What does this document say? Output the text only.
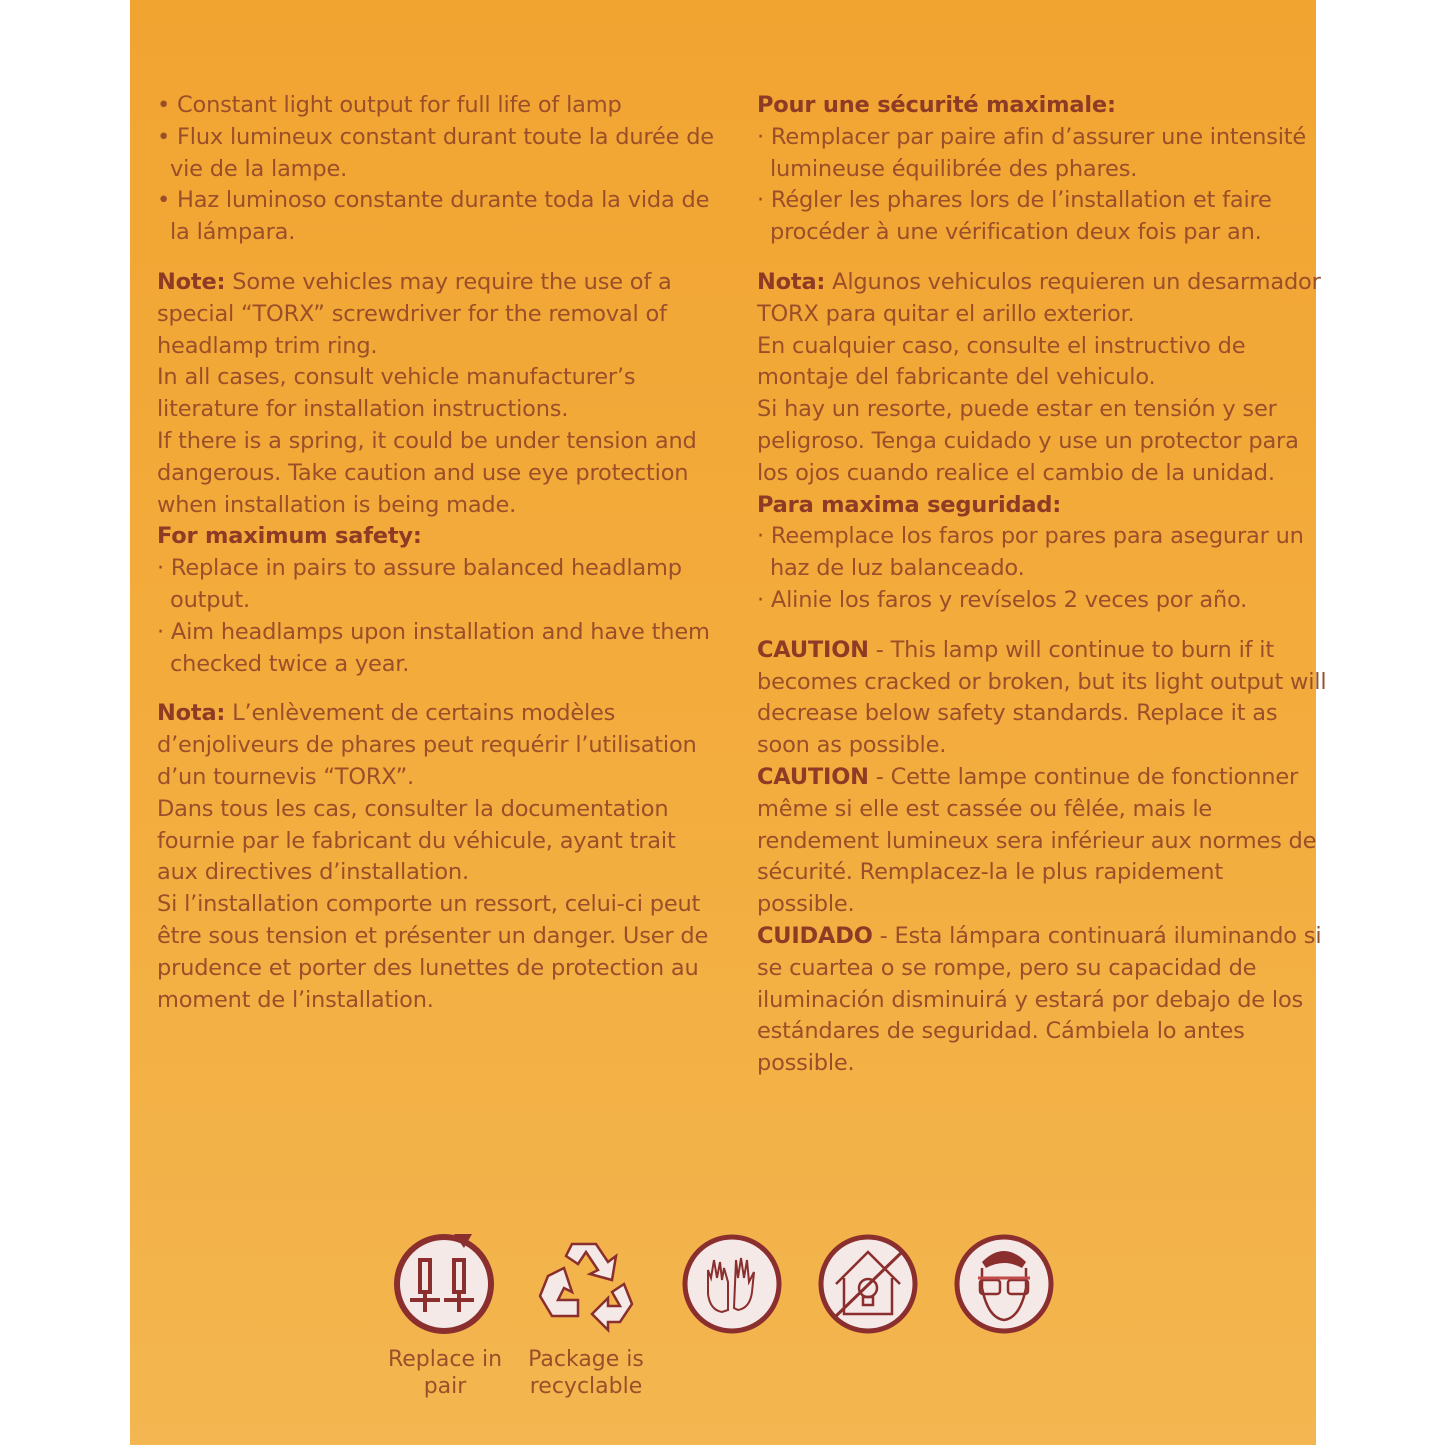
• Constant light output for full life of lamp

• Flux lumineux constant durant toute la durée de vie de la lampe.

• Haz luminoso constante durante toda la vida de la lámpara.

Note: Some vehicles may require the use of a special “TORX” screwdriver for the removal of headlamp trim ring.

In all cases, consult vehicle manufacturer’s literature for installation instructions.

If there is a spring, it could be under tension and dangerous. Take caution and use eye protection when installation is being made.

For maximum safety:

· Replace in pairs to assure balanced headlamp output.

· Aim headlamps upon installation and have them checked twice a year.

Nota: L’enlèvement de certains modèles d’enjoliveurs de phares peut requérir l’utilisation d’un tournevis “TORX”.

Dans tous les cas, consulter la documentation fournie par le fabricant du véhicule, ayant trait aux directives d’installation.

Si l’installation comporte un ressort, celui-ci peut être sous tension et présenter un danger. User de prudence et porter des lunettes de protection au moment de l’installation.

Pour une sécurité maximale:

· Remplacer par paire afin d’assurer une intensité lumineuse équilibrée des phares.

· Régler les phares lors de l’installation et faire procéder à une vérification deux fois par an.

Nota: Algunos vehiculos requieren un desarmador TORX para quitar el arillo exterior.

En cualquier caso, consulte el instructivo de montaje del fabricante del vehiculo.

Si hay un resorte, puede estar en tensión y ser peligroso. Tenga cuidado y use un protector para los ojos cuando realice el cambio de la unidad.

Para maxima seguridad:

· Reemplace los faros por pares para asegurar un haz de luz balanceado.

· Alinie los faros y revíselos 2 veces por año.

CAUTION - This lamp will continue to burn if it becomes cracked or broken, but its light output will decrease below safety standards. Replace it as soon as possible.

CAUTION - Cette lampe continue de fonctionner même si elle est cassée ou fêlée, mais le rendement lumineux sera inférieur aux normes de sécurité. Remplacez-la le plus rapidement possible.

CUIDADO - Esta lámpara continuará iluminando si se cuartea o se rompe, pero su capacidad de iluminación disminuirá y estará por debajo de los estándares de seguridad. Cámbiela lo antes possible.

Replace in pair
Package is recyclable
